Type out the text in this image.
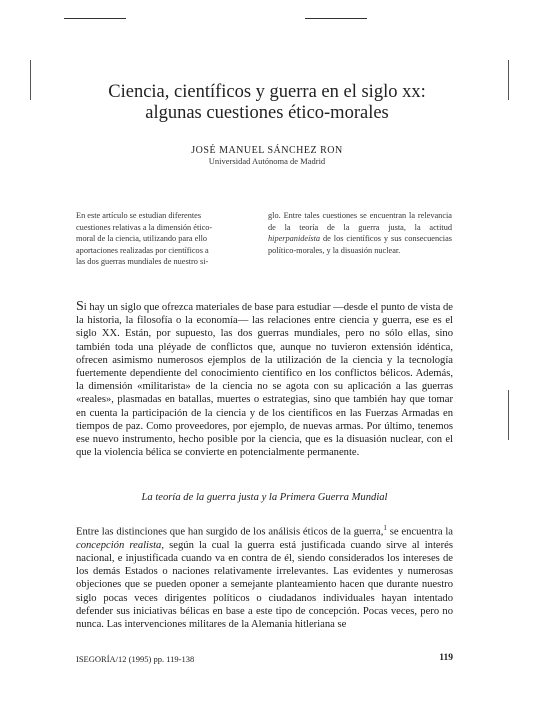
Ciencia, científicos y guerra en el siglo xx:
algunas cuestiones ético-morales
JOSÉ MANUEL SÁNCHEZ RON
Universidad Autónoma de Madrid
En este artículo se estudian diferentes
cuestiones relativas a la dimensión ético-
moral de la ciencia, utilizando para ello
aportaciones realizadas por científicos a
las dos guerras mundiales de nuestro si-
glo. Entre tales cuestiones se encuentran la relevancia de la teoría de la guerra justa, la actitud hiperpanideísta de los científicos y sus consecuencias político-morales, y la disuasión nuclear.
Si hay un siglo que ofrezca materiales de base para estudiar —desde el punto de vista de la historia, la filosofía o la economía— las relaciones entre ciencia y guerra, ese es el siglo XX. Están, por supuesto, las dos guerras mundiales, pero no sólo ellas, sino también toda una pléyade de conflictos que, aunque no tuvieron extensión idéntica, ofrecen asimismo numerosos ejemplos de la utilización de la ciencia y la tecnología fuertemente dependiente del conocimiento científico en los conflictos bélicos. Además, la dimensión «militarista» de la ciencia no se agota con su aplicación a las guerras «reales», plasmadas en batallas, muertes o estrategias, sino que también hay que tomar en cuenta la participación de la ciencia y de los científicos en las Fuerzas Armadas en tiempos de paz. Como proveedores, por ejemplo, de nuevas armas. Por último, tenemos ese nuevo instrumento, hecho posible por la ciencia, que es la disuasión nuclear, con el que la violencia bélica se convierte en potencialmente permanente.
La teoría de la guerra justa y la Primera Guerra Mundial
Entre las distinciones que han surgido de los análisis éticos de la guerra,$^1$ se encuentra la concepción realista, según la cual la guerra está justificada cuando sirve al interés nacional, e injustificada cuando va en contra de él, siendo considerados los intereses de los demás Estados o naciones relativamente irrelevantes. Las evidentes y numerosas objeciones que se pueden oponer a semejante planteamiento hacen que durante nuestro siglo pocas veces dirigentes políticos o ciudadanos individuales hayan intentado defender sus iniciativas bélicas en base a este tipo de concepción. Pocas veces, pero no nunca. Las intervenciones militares de la Alemania hitleriana se
ISEGORÍA/12 (1995) pp. 119-138	119
